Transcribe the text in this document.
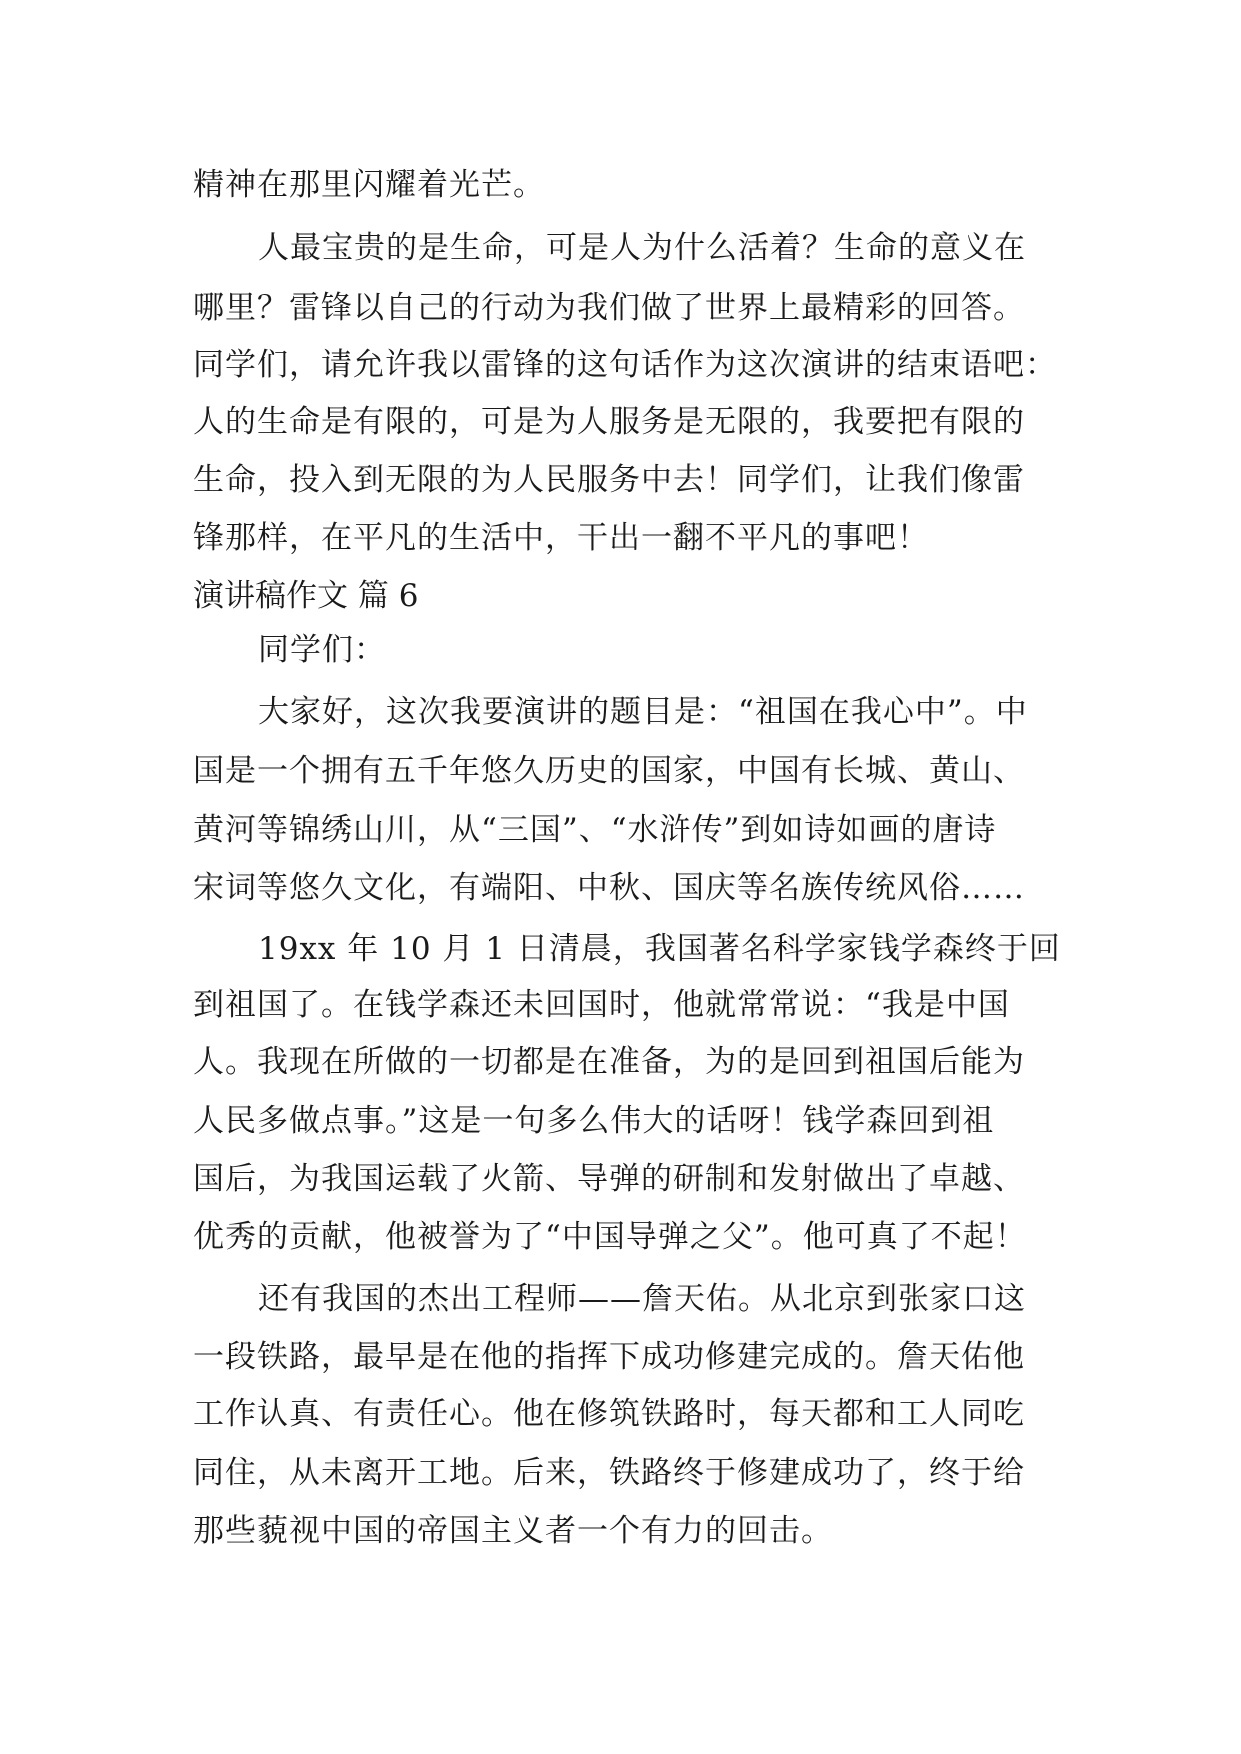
精神在那里闪耀着光芒。
人最宝贵的是生命，可是人为什么活着？生命的意义在
哪里？雷锋以自己的行动为我们做了世界上最精彩的回答。
同学们，请允许我以雷锋的这句话作为这次演讲的结束语吧：
人的生命是有限的，可是为人服务是无限的，我要把有限的
生命，投入到无限的为人民服务中去！同学们，让我们像雷
锋那样，在平凡的生活中，干出一翻不平凡的事吧！
演讲稿作文 篇 6
同学们：
大家好，这次我要演讲的题目是：“祖国在我心中”。中
国是一个拥有五千年悠久历史的国家，中国有长城、黄山、
黄河等锦绣山川，从“三国”、“水浒传”到如诗如画的唐诗
宋词等悠久文化，有端阳、中秋、国庆等名族传统风俗……
19xx 年 10 月 1 日清晨，我国著名科学家钱学森终于回
到祖国了。在钱学森还未回国时，他就常常说：“我是中国
人。我现在所做的一切都是在准备，为的是回到祖国后能为
人民多做点事。”这是一句多么伟大的话呀！钱学森回到祖
国后，为我国运载了火箭、导弹的研制和发射做出了卓越、
优秀的贡献，他被誉为了“中国导弹之父”。他可真了不起！
还有我国的杰出工程师——詹天佑。从北京到张家口这
一段铁路，最早是在他的指挥下成功修建完成的。詹天佑他
工作认真、有责任心。他在修筑铁路时，每天都和工人同吃
同住，从未离开工地。后来，铁路终于修建成功了，终于给
那些藐视中国的帝国主义者一个有力的回击。
